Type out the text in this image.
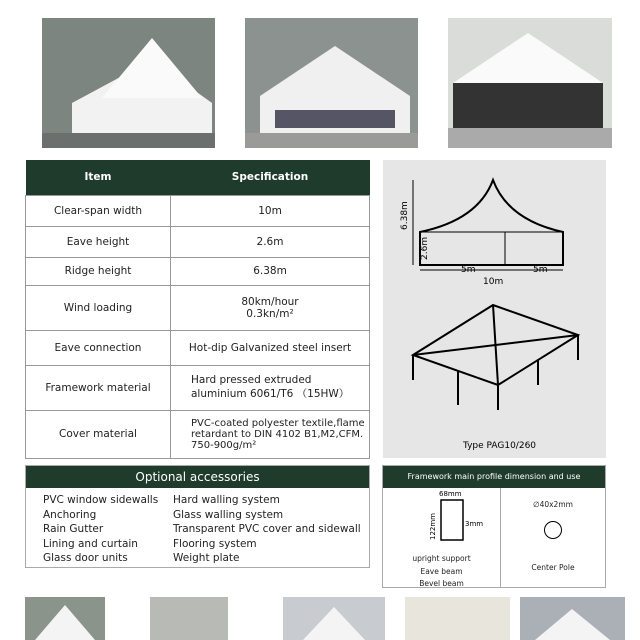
Item	Specification
Clear-span width	10m
Eave height	2.6m
Ridge height	6.38m
Wind loading	80km/hour
0.3kn/m²

Eave connection	Hot-dip Galvanized steel insert
Framework material	Hard pressed extruded
aluminium 6061/T6 （15HW）

Cover material	PVC-coated polyester textile,flame
retardant to DIN 4102 B1,M2,CFM.
750-900g/m²
6.38m
2.6m
5m	5m
10m
Type PAG10/260
Optional accessories
PVC window sidewalls
Anchoring
Rain Gutter
Lining and curtain
Glass door units
Hard walling system
Glass walling system
Transparent PVC cover and sidewall
Flooring system
Weight plate
Framework main profile dimension and use
68mm
122mm	3mm
upright support
Eave beam
Bevel beam
∅40x2mm
Center Pole
